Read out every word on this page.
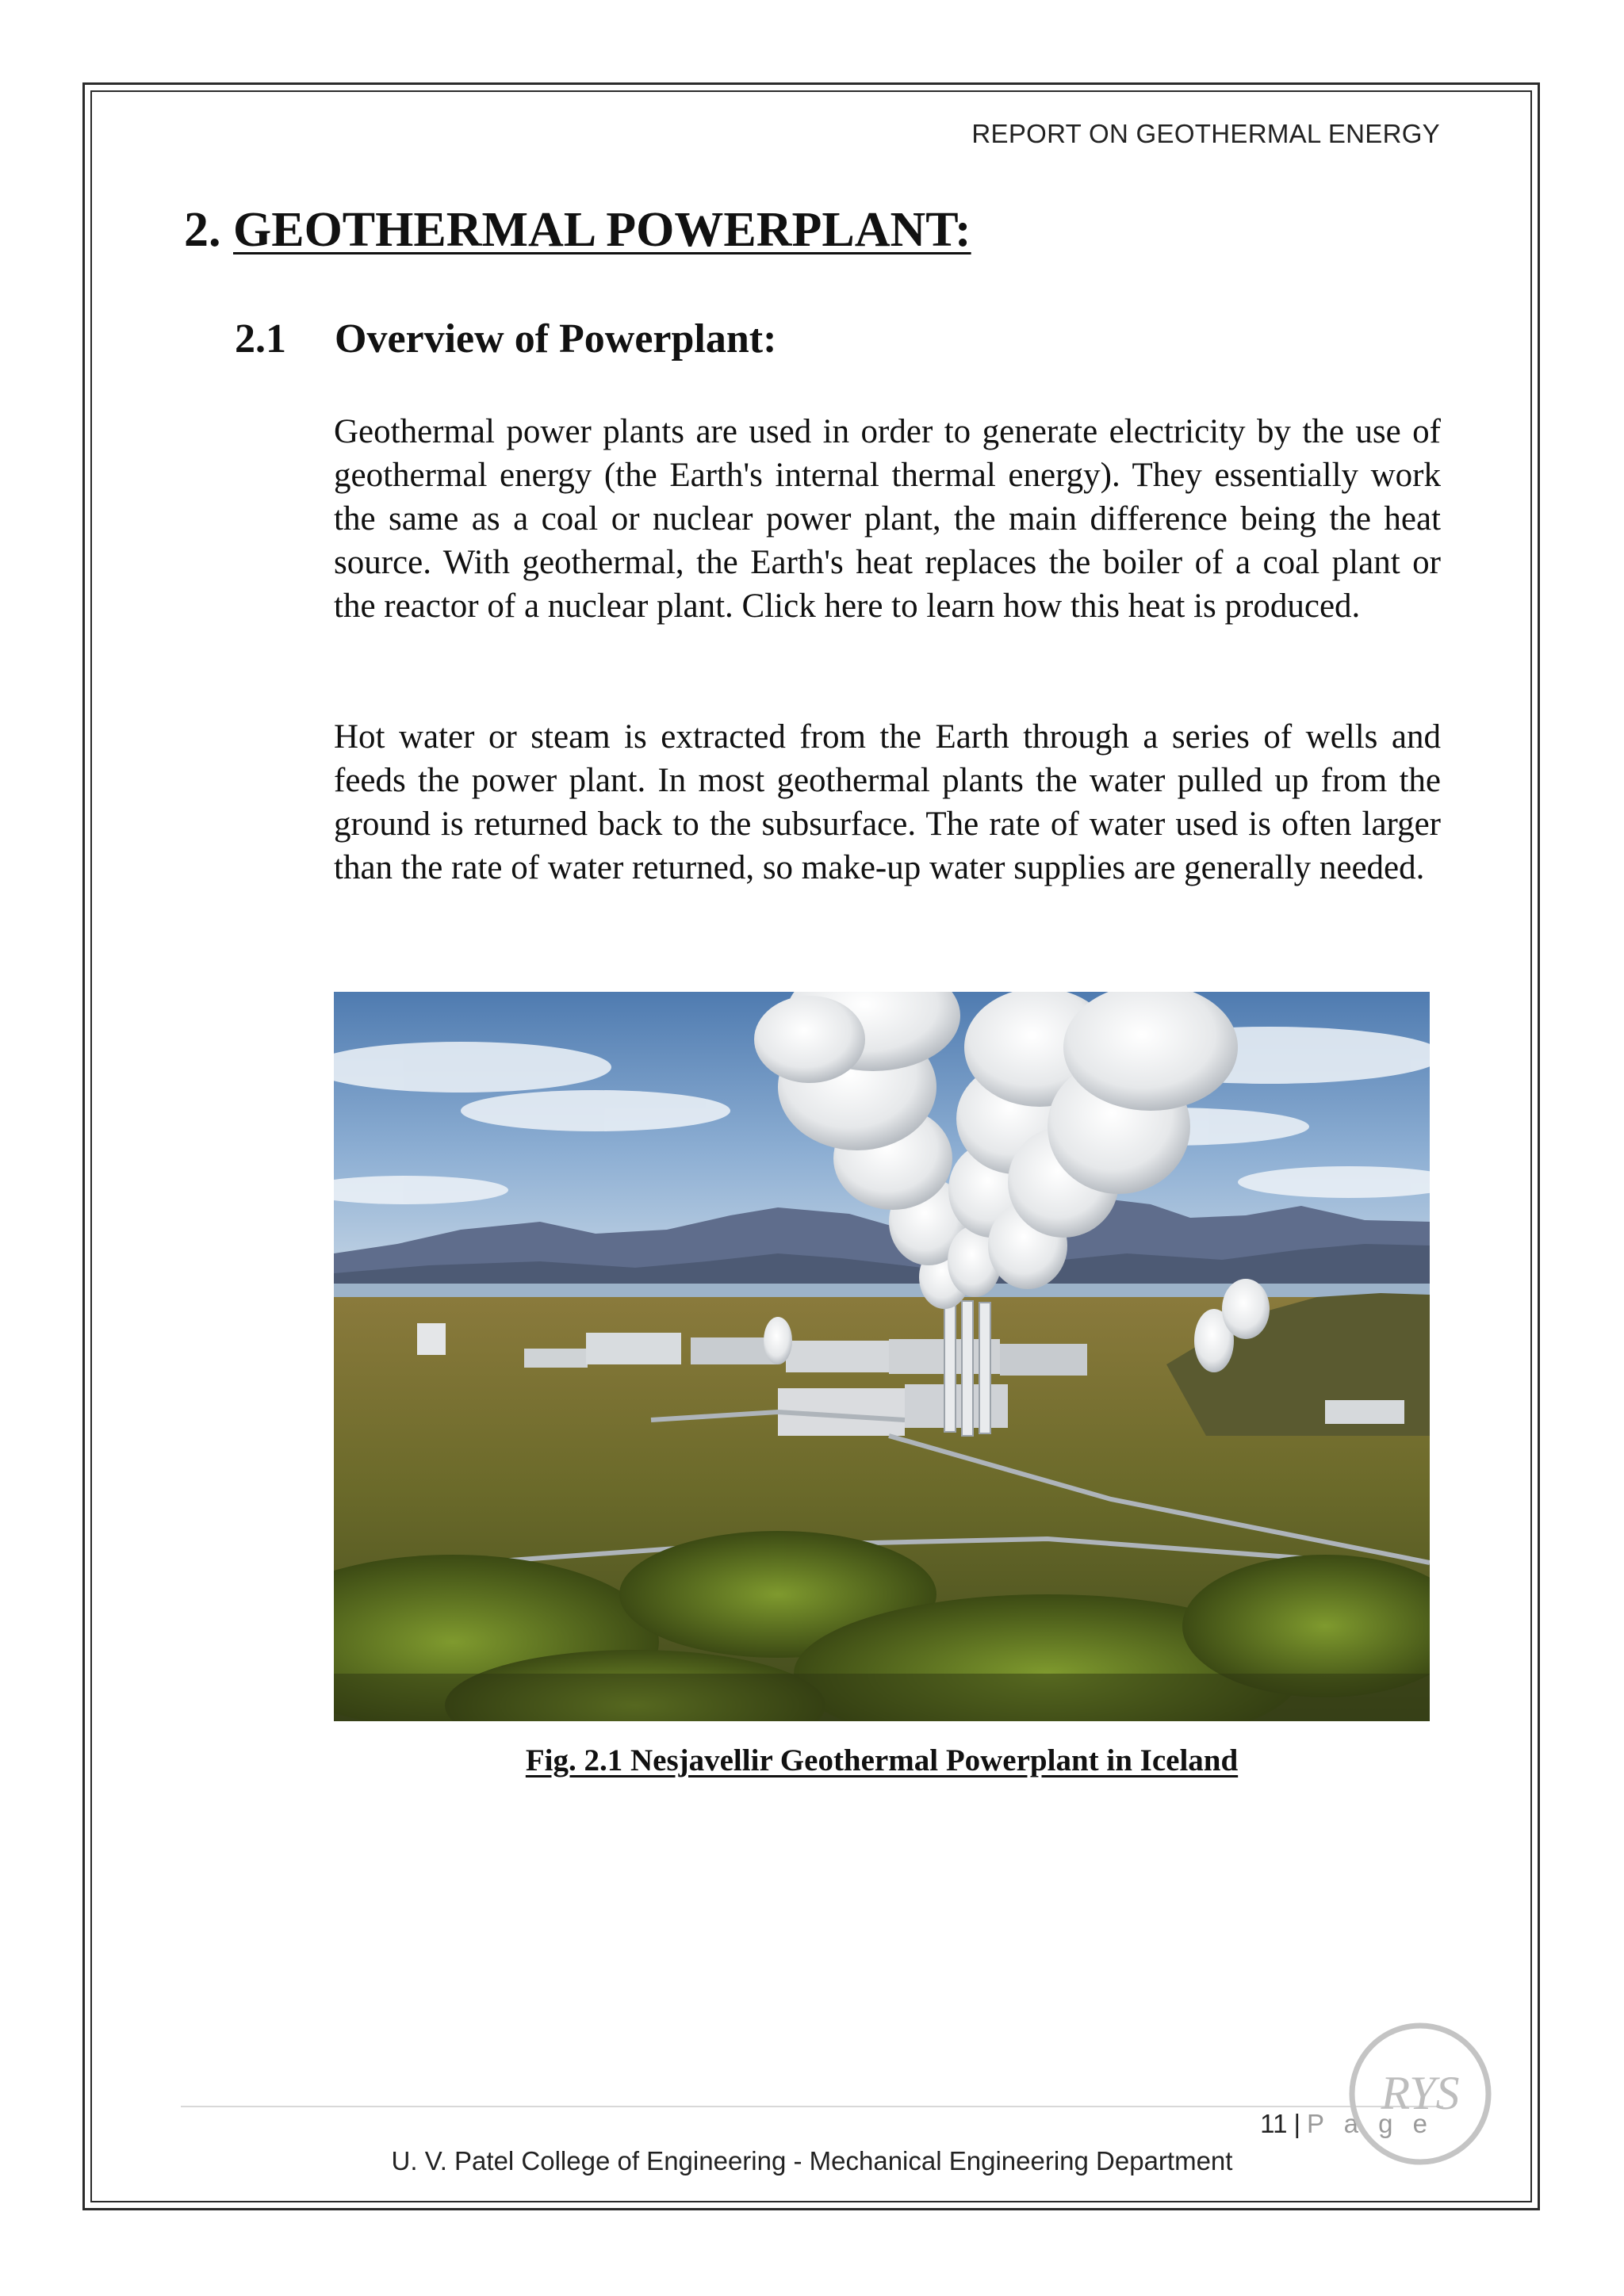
REPORT ON GEOTHERMAL ENERGY
2. GEOTHERMAL POWERPLANT:
2.1 Overview of Powerplant:

Geothermal power plants are used in order to generate electricity by the use of geothermal energy (the Earth's internal thermal energy). They essentially work the same as a coal or nuclear power plant, the main difference being the heat source. With geothermal, the Earth's heat replaces the boiler of a coal plant or the reactor of a nuclear plant. Click here to learn how this heat is produced.

Hot water or steam is extracted from the Earth through a series of wells and feeds the power plant. In most geothermal plants the water pulled up from the ground is returned back to the subsurface. The rate of water used is often larger than the rate of water returned, so make-up water supplies are generally needed.

Fig. 2.1 Nesjavellir Geothermal Powerplant in Iceland
11 | P a g e
U. V. Patel College of Engineering - Mechanical Engineering Department
RYS
